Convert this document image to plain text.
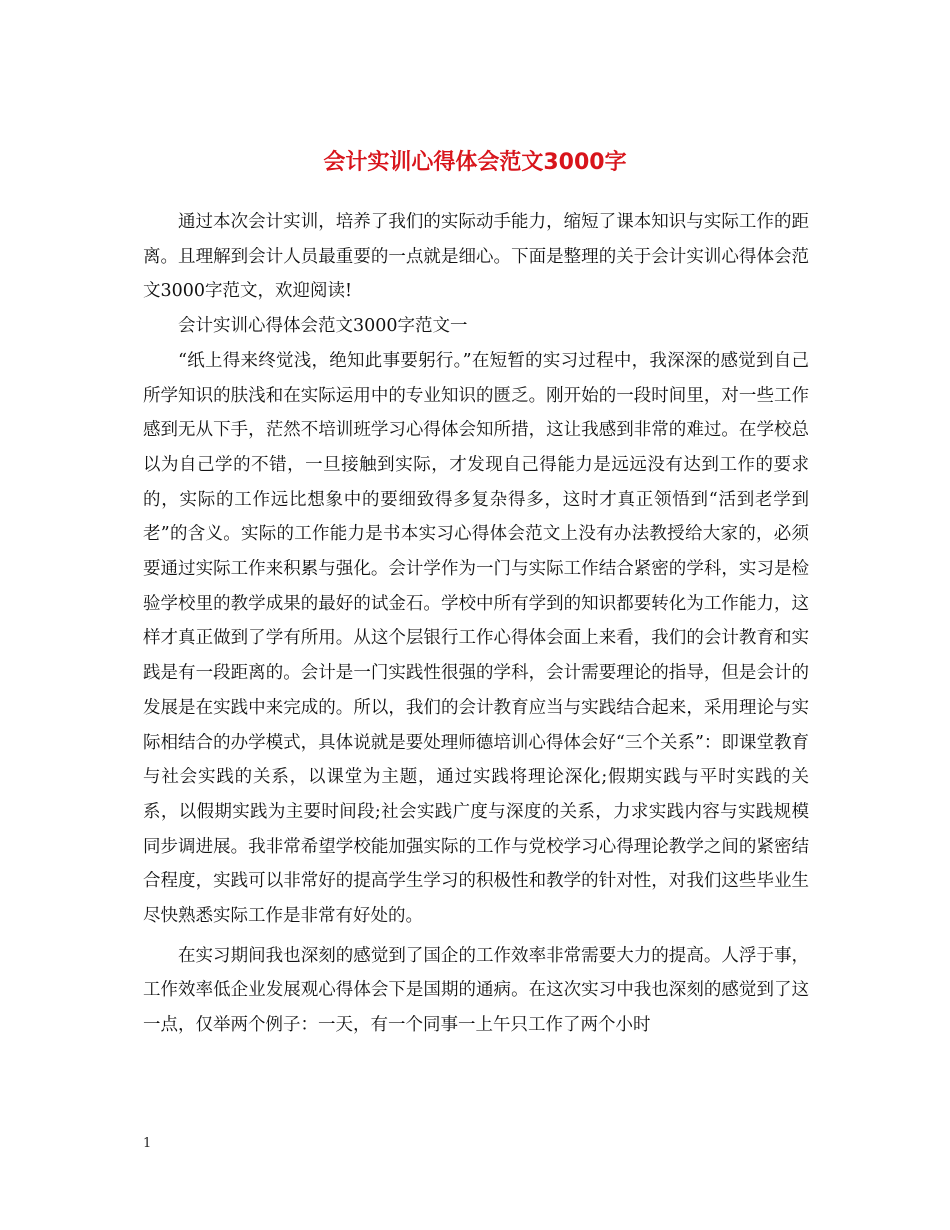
会计实训心得体会范文3000字

通过本次会计实训，培养了我们的实际动手能力，缩短了课本知识与实际工作的距离。且理解到会计人员最重要的一点就是细心。下面是整理的关于会计实训心得体会范文3000字范文，欢迎阅读!

会计实训心得体会范文3000字范文一

“纸上得来终觉浅，绝知此事要躬行。”在短暂的实习过程中，我深深的感觉到自己所学知识的肤浅和在实际运用中的专业知识的匮乏。刚开始的一段时间里，对一些工作感到无从下手，茫然不培训班学习心得体会知所措，这让我感到非常的难过。在学校总以为自己学的不错，一旦接触到实际，才发现自己得能力是远远没有达到工作的要求的，实际的工作远比想象中的要细致得多复杂得多，这时才真正领悟到“活到老学到老”的含义。实际的工作能力是书本实习心得体会范文上没有办法教授给大家的，必须要通过实际工作来积累与强化。会计学作为一门与实际工作结合紧密的学科，实习是检验学校里的教学成果的最好的试金石。学校中所有学到的知识都要转化为工作能力，这样才真正做到了学有所用。从这个层银行工作心得体会面上来看，我们的会计教育和实践是有一段距离的。会计是一门实践性很强的学科，会计需要理论的指导，但是会计的发展是在实践中来完成的。所以，我们的会计教育应当与实践结合起来，采用理论与实际相结合的办学模式，具体说就是要处理师德培训心得体会好“三个关系”：即课堂教育与社会实践的关系，以课堂为主题，通过实践将理论深化;假期实践与平时实践的关系，以假期实践为主要时间段;社会实践广度与深度的关系，力求实践内容与实践规模同步调进展。我非常希望学校能加强实际的工作与党校学习心得理论教学之间的紧密结合程度，实践可以非常好的提高学生学习的积极性和教学的针对性，对我们这些毕业生尽快熟悉实际工作是非常有好处的。

在实习期间我也深刻的感觉到了国企的工作效率非常需要大力的提高。人浮于事，工作效率低企业发展观心得体会下是国期的通病。在这次实习中我也深刻的感觉到了这一点，仅举两个例子：一天，有一个同事一上午只工作了两个小时

1
